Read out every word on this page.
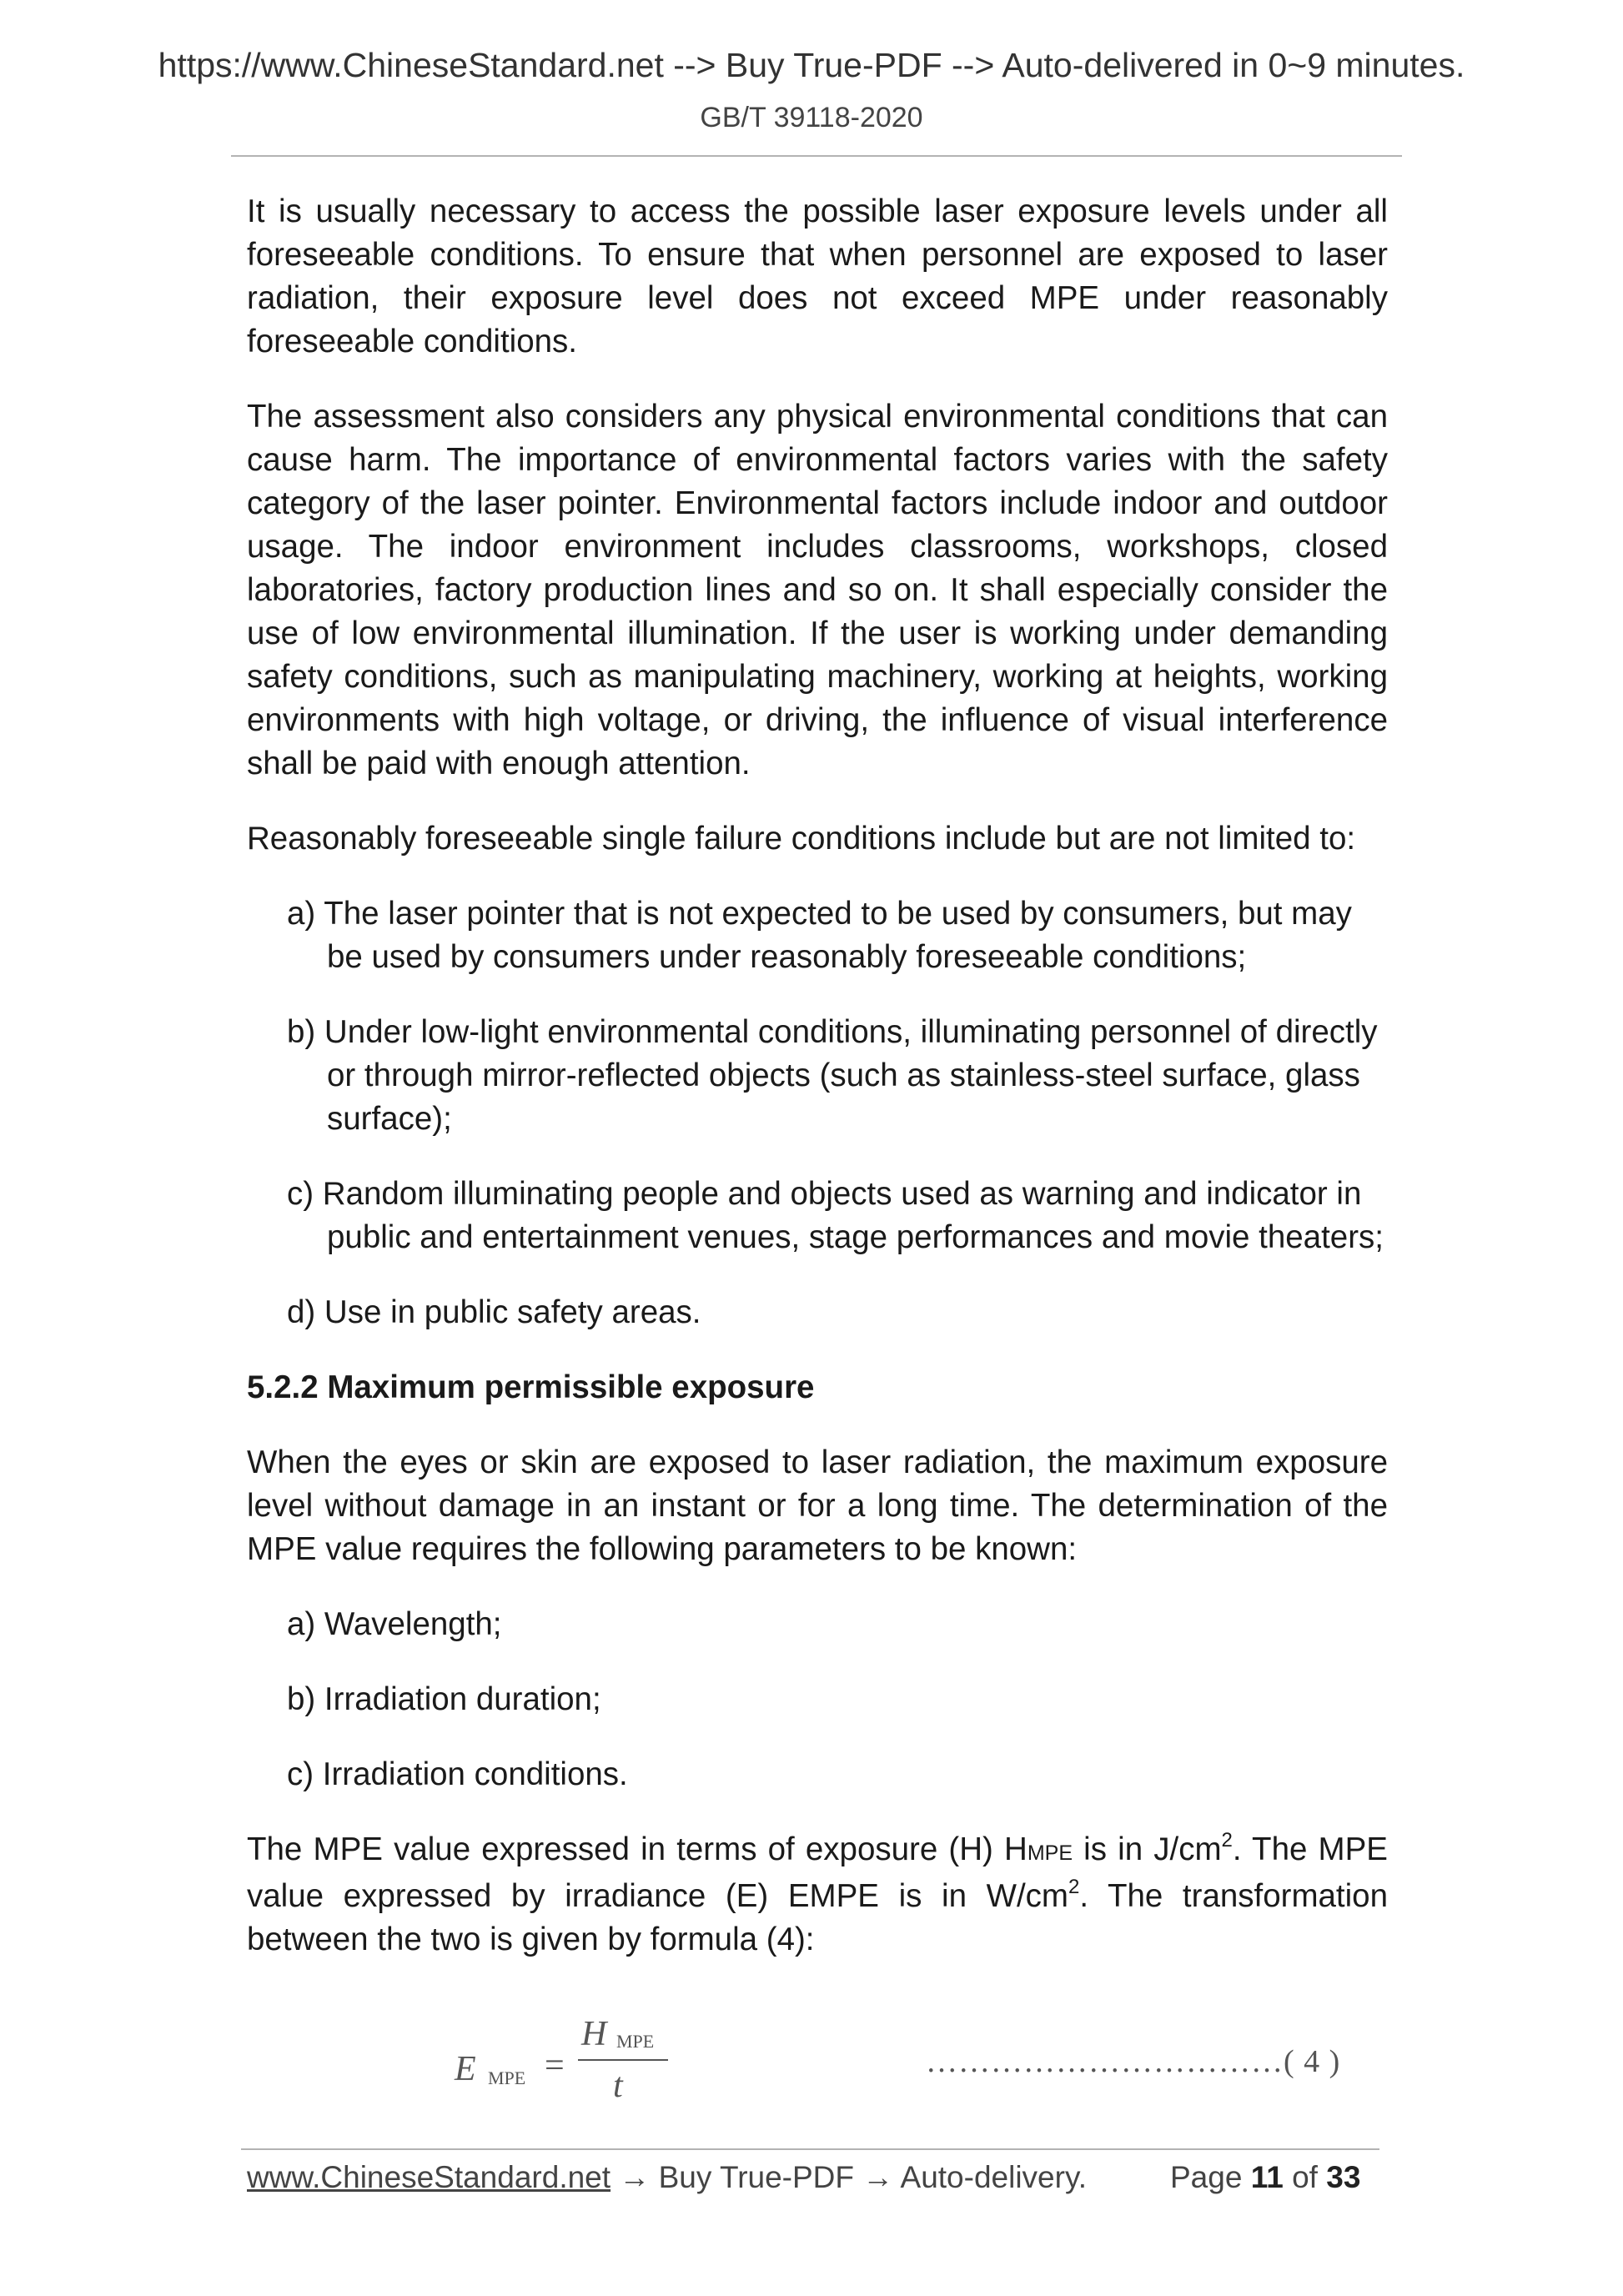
https://www.ChineseStandard.net --> Buy True-PDF --> Auto-delivered in 0~9 minutes.
GB/T 39118-2020

It is usually necessary to access the possible laser exposure levels under all foreseeable conditions. To ensure that when personnel are exposed to laser radiation, their exposure level does not exceed MPE under reasonably foreseeable conditions.

The assessment also considers any physical environmental conditions that can cause harm. The importance of environmental factors varies with the safety category of the laser pointer. Environmental factors include indoor and outdoor usage. The indoor environment includes classrooms, workshops, closed laboratories, factory production lines and so on. It shall especially consider the use of low environmental illumination. If the user is working under demanding safety conditions, such as manipulating machinery, working at heights, working environments with high voltage, or driving, the influence of visual interference shall be paid with enough attention.

Reasonably foreseeable single failure conditions include but are not limited to:

a) The laser pointer that is not expected to be used by consumers, but may be used by consumers under reasonably foreseeable conditions;

b) Under low-light environmental conditions, illuminating personnel of directly or through mirror-reflected objects (such as stainless-steel surface, glass surface);

c) Random illuminating people and objects used as warning and indicator in public and entertainment venues, stage performances and movie theaters;

d) Use in public safety areas.

5.2.2 Maximum permissible exposure

When the eyes or skin are exposed to laser radiation, the maximum exposure level without damage in an instant or for a long time. The determination of the MPE value requires the following parameters to be known:

a) Wavelength;

b) Irradiation duration;

c) Irradiation conditions.

The MPE value expressed in terms of exposure (H) HMPE is in $J/cm^2$. The MPE value expressed by irradiance (E) EMPE is in $W/cm^2$. The transformation between the two is given by formula (4):

E MPE =
H MPE
t
……………………………( 4 )
www.ChineseStandard.net → Buy True-PDF → Auto-delivery.	Page 11 of 33
